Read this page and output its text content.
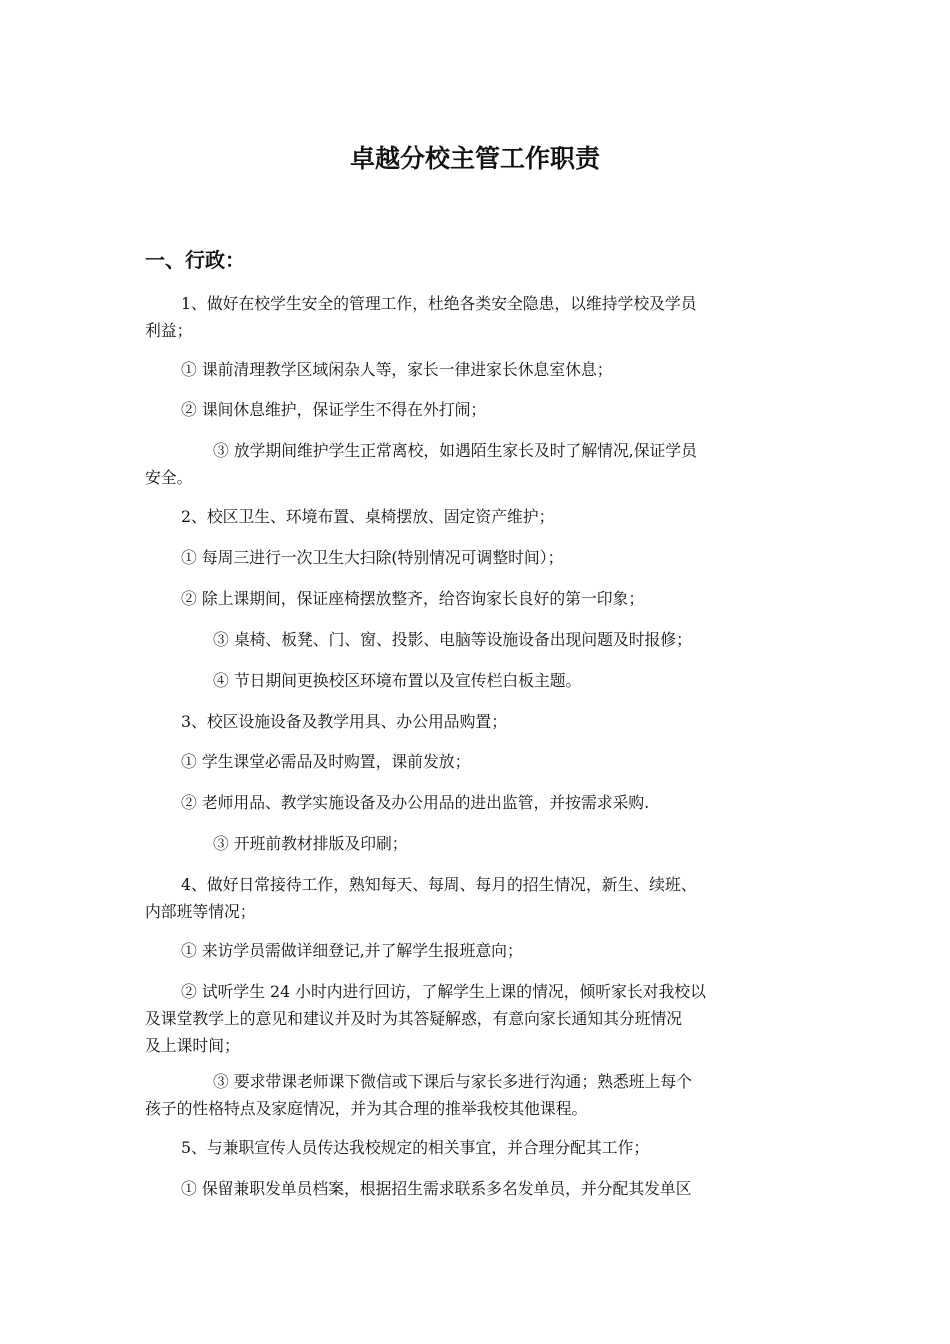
卓越分校主管工作职责
一、行政：

1、做好在校学生安全的管理工作，杜绝各类安全隐患，以维持学校及学员
利益；

① 课前清理教学区域闲杂人等，家长一律进家长休息室休息；

② 课间休息维护，保证学生不得在外打闹；

③ 放学期间维护学生正常离校，如遇陌生家长及时了解情况,保证学员
安全。

2、校区卫生、环境布置、桌椅摆放、固定资产维护；

① 每周三进行一次卫生大扫除(特别情况可调整时间）；

② 除上课期间，保证座椅摆放整齐，给咨询家长良好的第一印象；

③ 桌椅、板凳、门、窗、投影、电脑等设施设备出现问题及时报修；

④ 节日期间更换校区环境布置以及宣传栏白板主题。

3、校区设施设备及教学用具、办公用品购置；

① 学生课堂必需品及时购置，课前发放；

② 老师用品、教学实施设备及办公用品的进出监管，并按需求采购.

③ 开班前教材排版及印刷；

4、做好日常接待工作，熟知每天、每周、每月的招生情况，新生、续班、
内部班等情况；

① 来访学员需做详细登记,并了解学生报班意向；

② 试听学生 24 小时内进行回访，了解学生上课的情况，倾听家长对我校以
及课堂教学上的意见和建议并及时为其答疑解惑，有意向家长通知其分班情况
及上课时间；

③ 要求带课老师课下微信或下课后与家长多进行沟通；熟悉班上每个
孩子的性格特点及家庭情况，并为其合理的推举我校其他课程。

5、与兼职宣传人员传达我校规定的相关事宜，并合理分配其工作；

① 保留兼职发单员档案，根据招生需求联系多名发单员，并分配其发单区
